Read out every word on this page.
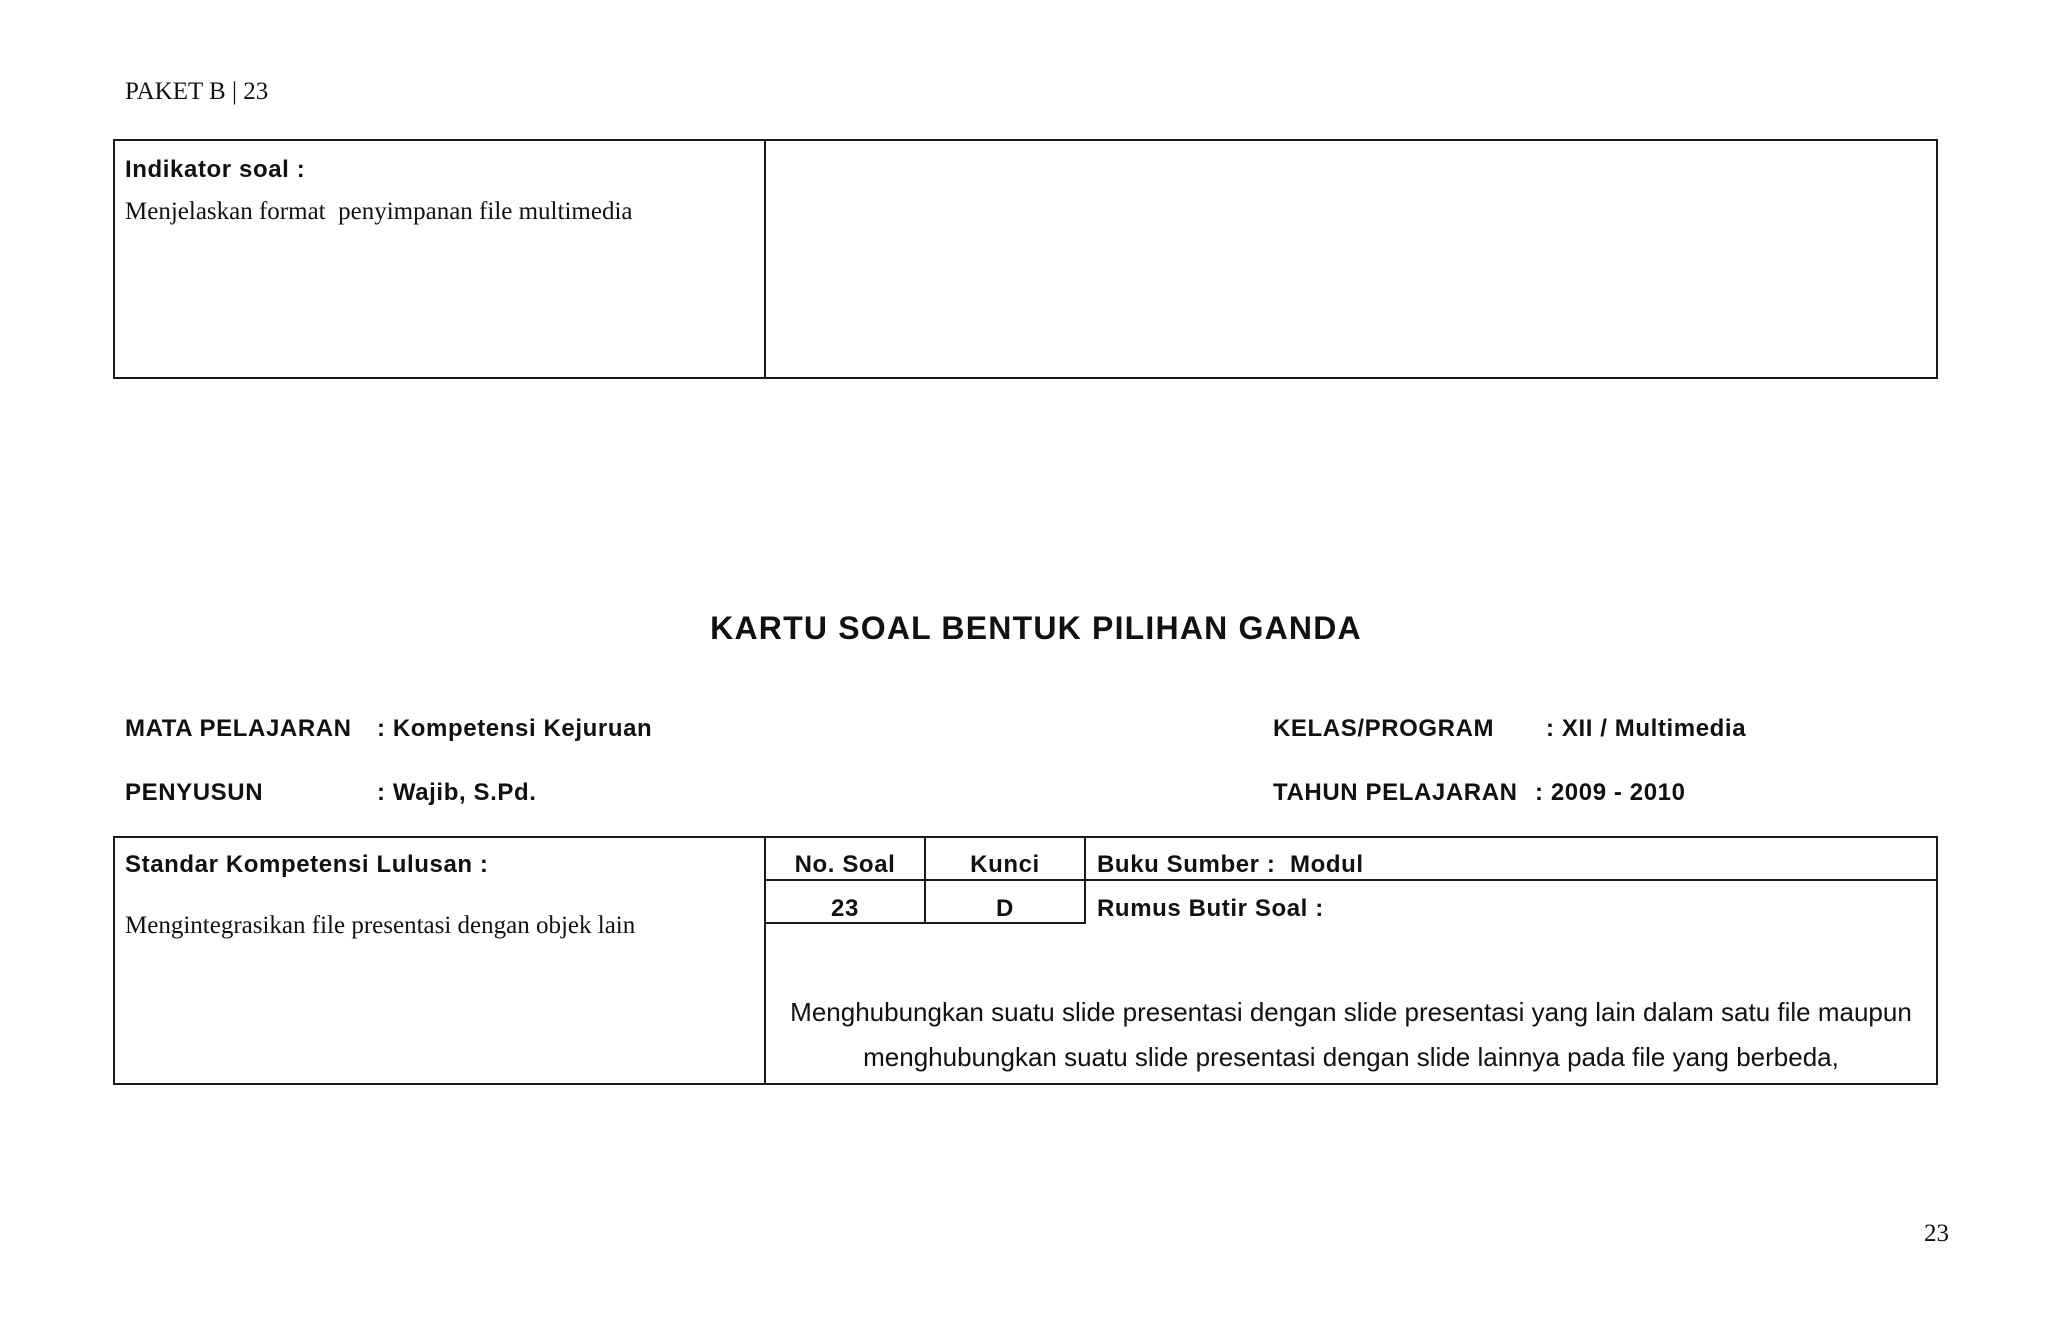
PAKET B | 23
Indikator soal :
Menjelaskan format  penyimpanan file multimedia
KARTU SOAL BENTUK PILIHAN GANDA
MATA PELAJARAN : Kompetensi Kejuruan
PENYUSUN	: Wajib, S.Pd.
KELAS/PROGRAM : XII / Multimedia
TAHUN PELAJARAN : 2009 - 2010
Standar Kompetensi Lulusan :
Mengintegrasikan file presentasi dengan objek lain
No. Soal	Kunci	Buku Sumber :  Modul
23	D	Rumus Butir Soal :
Menghubungkan suatu slide presentasi dengan slide presentasi yang lain dalam satu file maupun
menghubungkan suatu slide presentasi dengan slide lainnya pada file yang berbeda,
23
